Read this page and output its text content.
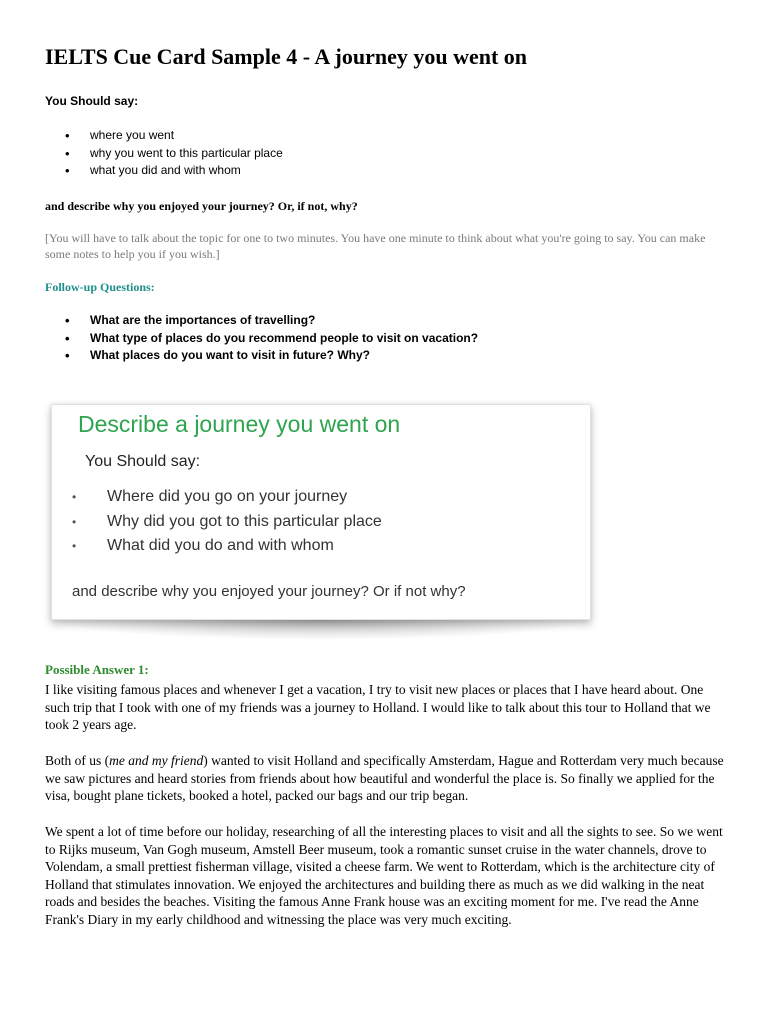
IELTS Cue Card Sample 4 - A journey you went on

You Should say:

• where you went
• why you went to this particular place
• what you did and with whom

and describe why you enjoyed your journey? Or, if not, why?

[You will have to talk about the topic for one to two minutes. You have one minute to think about what you're going to say. You can make some notes to help you if you wish.]

Follow-up Questions:

• What are the importances of travelling?
• What type of places do you recommend people to visit on vacation?
• What places do you want to visit in future? Why?

Describe a journey you went on

You Should say:

• Where did you go on your journey
• Why did you got to this particular place
• What did you do and with whom

and describe why you enjoyed your journey? Or if not why?

Possible Answer 1:

I like visiting famous places and whenever I get a vacation, I try to visit new places or places that I have heard about. One such trip that I took with one of my friends was a journey to Holland. I would like to talk about this tour to Holland that we took 2 years age.

Both of us (me and my friend) wanted to visit Holland and specifically Amsterdam, Hague and Rotterdam very much because we saw pictures and heard stories from friends about how beautiful and wonderful the place is. So finally we applied for the visa, bought plane tickets, booked a hotel, packed our bags and our trip began.

We spent a lot of time before our holiday, researching of all the interesting places to visit and all the sights to see. So we went to Rijks museum, Van Gogh museum, Amstell Beer museum, took a romantic sunset cruise in the water channels, drove to Volendam, a small prettiest fisherman village, visited a cheese farm. We went to Rotterdam, which is the architecture city of Holland that stimulates innovation. We enjoyed the architectures and building there as much as we did walking in the neat roads and besides the beaches. Visiting the famous Anne Frank house was an exciting moment for me. I've read the Anne Frank's Diary in my early childhood and witnessing the place was very much exciting.
